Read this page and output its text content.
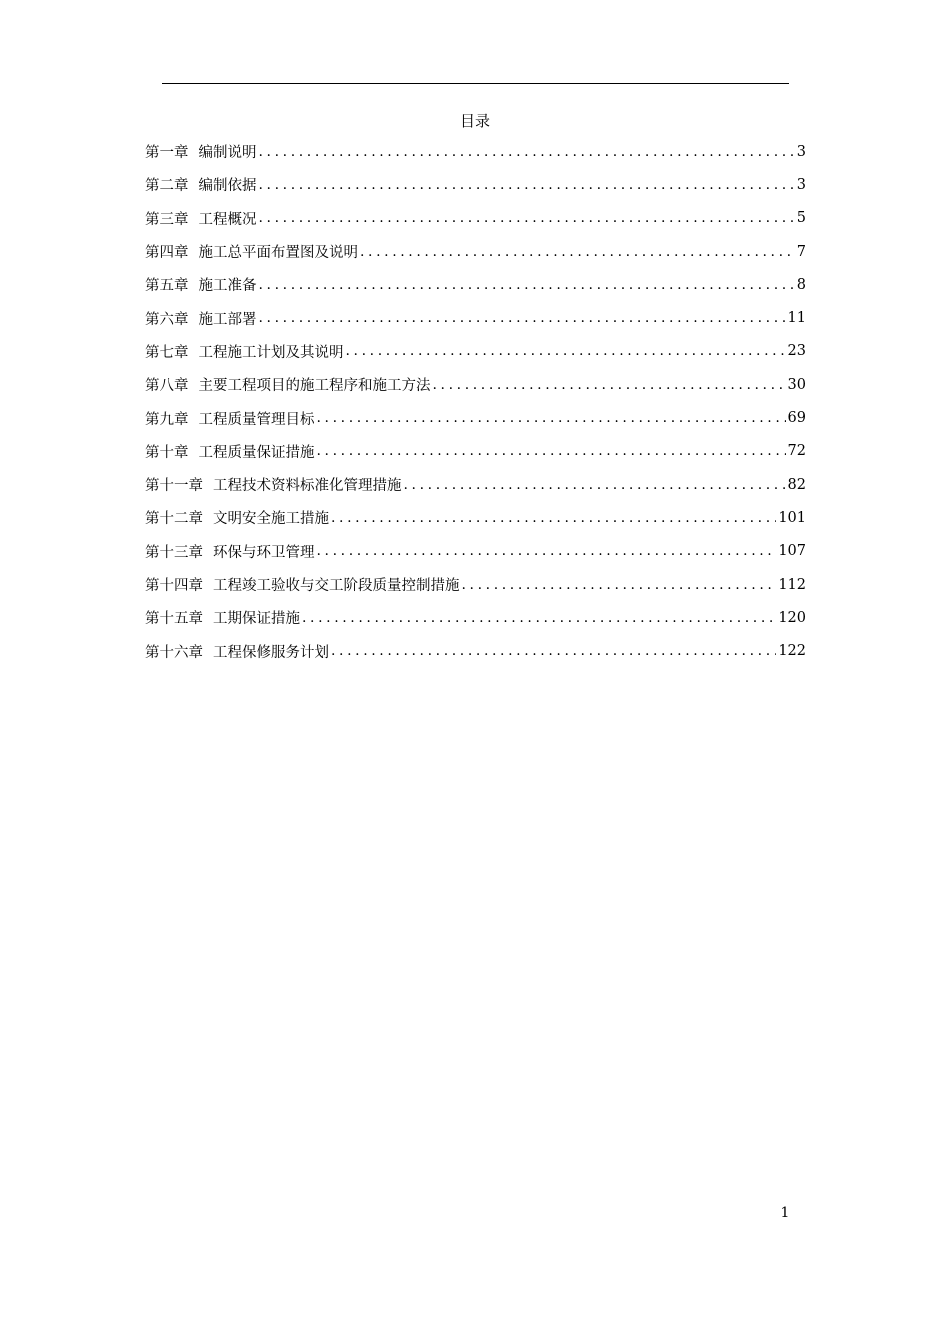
目录
第一章 编制说明 .....	3
第二章 编制依据 .....	3
第三章 工程概况 .....	5
第四章 施工总平面布置图及说明 .....	7
第五章 施工准备 .....	8
第六章 施工部署 .....	11
第七章 工程施工计划及其说明 .....	23
第八章 主要工程项目的施工程序和施工方法 .....	30
第九章 工程质量管理目标 .....	69
第十章 工程质量保证措施 .....	72
第十一章 工程技术资料标准化管理措施 .....	82
第十二章 文明安全施工措施 .....	101
第十三章 环保与环卫管理 .....	107
第十四章 工程竣工验收与交工阶段质量控制措施 .....	112
第十五章 工期保证措施 .....	120
第十六章 工程保修服务计划 .....	122
1
